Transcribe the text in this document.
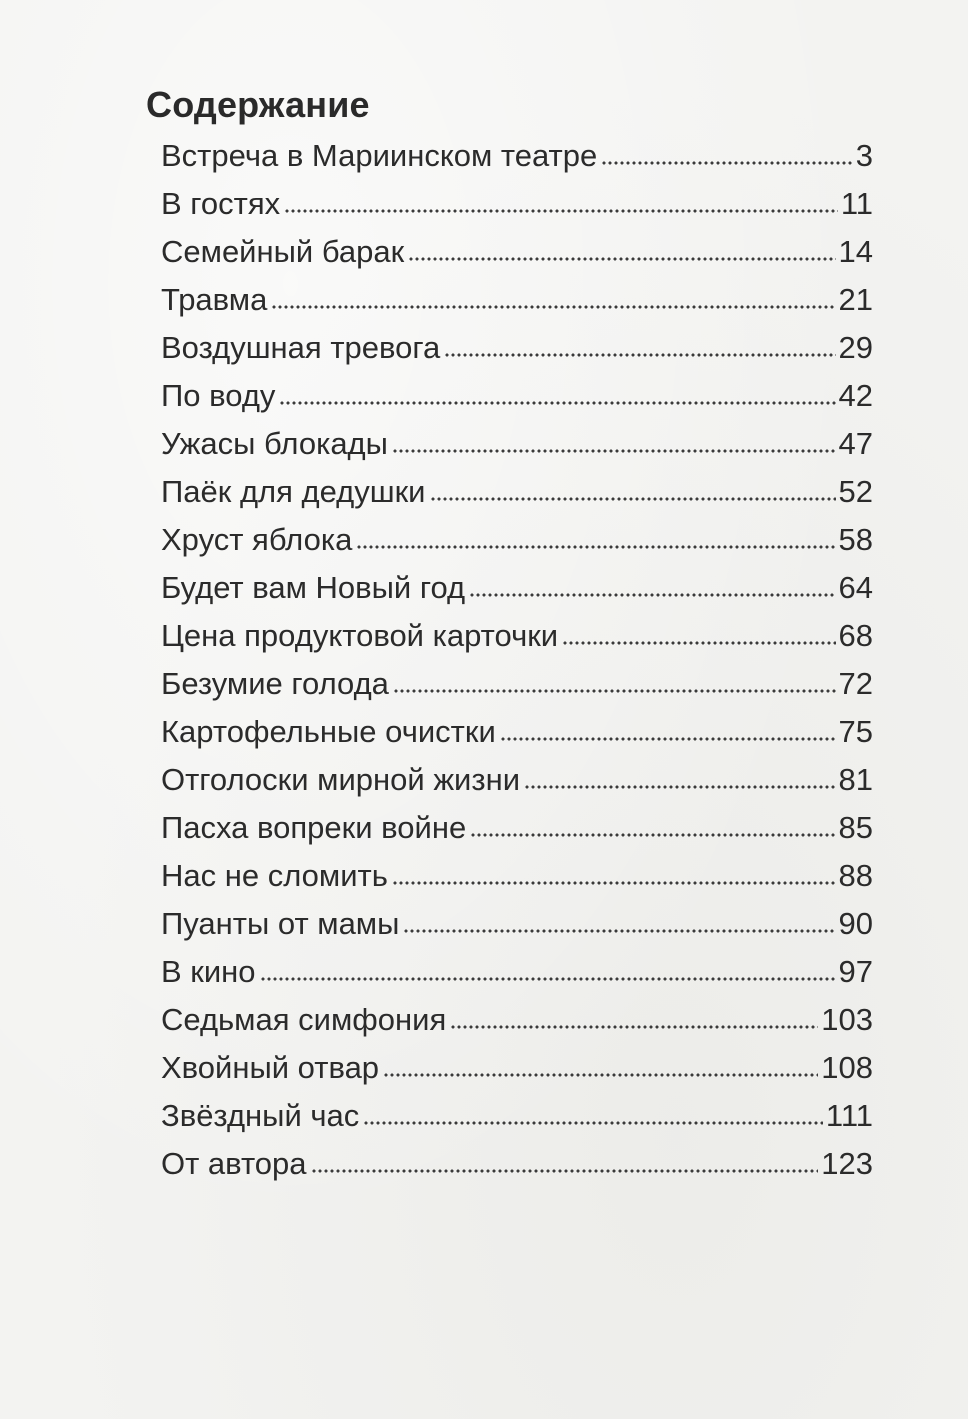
Содержание
Встреча в Мариинском театре	3
В гостях	11
Семейный барак	14
Травма	21
Воздушная тревога	29
По воду	42
Ужасы блокады	47
Паёк для дедушки	52
Хруст яблока	58
Будет вам Новый год	64
Цена продуктовой карточки	68
Безумие голода	72
Картофельные очистки	75
Отголоски мирной жизни	81
Пасха вопреки войне	85
Нас не сломить	88
Пуанты от мамы	90
В кино	97
Седьмая симфония	103
Хвойный отвар	108
Звёздный час	111
От автора	123
